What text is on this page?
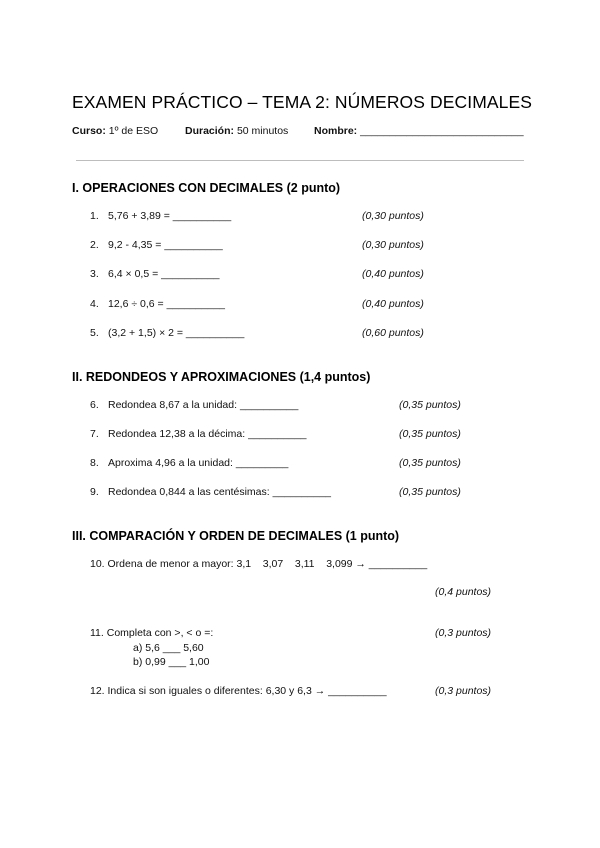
EXAMEN PRÁCTICO – TEMA 2: NÚMEROS DECIMALES
Curso: 1º de ESO	Duración: 50 minutos Nombre: ____________________________
I. OPERACIONES CON DECIMALES (2 punto)
1. 5,76 + 3,89 = __________	(0,30 puntos)
2. 9,2 - 4,35 = __________	(0,30 puntos)
3. 6,4 × 0,5 = __________	(0,40 puntos)
4. 12,6 ÷ 0,6 = __________	(0,40 puntos)
5. (3,2 + 1,5) × 2 = __________	(0,60 puntos)
II. REDONDEOS Y APROXIMACIONES (1,4 puntos)
6. Redondea 8,67 a la unidad: __________	(0,35 puntos)
7. Redondea 12,38 a la décima: __________	(0,35 puntos)
8. Aproxima 4,96 a la unidad: _________	(0,35 puntos)
9. Redondea 0,844 a las centésimas: __________	(0,35 puntos)
III. COMPARACIÓN Y ORDEN DE DECIMALES (1 punto)
10. Ordena de menor a mayor: 3,1    3,07    3,11    3,099 → __________
(0,4 puntos)
11. Completa con >, < o =:	(0,3 puntos)
a) 5,6 ___ 5,60
b) 0,99 ___ 1,00
12. Indica si son iguales o diferentes: 6,30 y 6,3 → __________	(0,3 puntos)
